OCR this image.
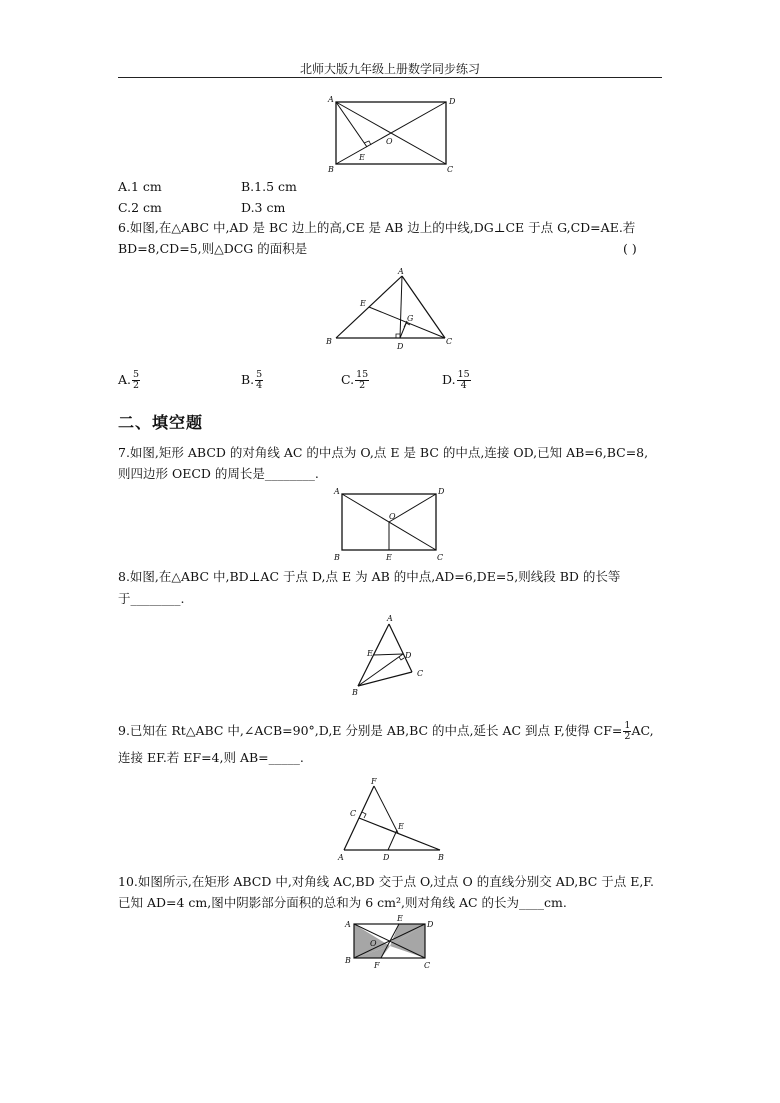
北师大版九年级上册数学同步练习
A	D
B	C
E
O
A.1 cm	B.1.5 cm
C.2 cm	D.3 cm
6.如图,在△ABC 中,AD 是 BC 边上的高,CE 是 AB 边上的中线,DG⊥CE 于点 G,CD=AE.若
BD=8,CD=5,则△DCG 的面积是	( )
A
B	C
D
E
G
A. $\frac{5}{2}$	B. $\frac{5}{4}$	C. $\frac{15}{2}$	D. $\frac{15}{4}$
二、填空题
7.如图,矩形 ABCD 的对角线 AC 的中点为 O,点 E 是 BC 的中点,连接 OD,已知 AB=6,BC=8,
则四边形 OECD 的周长是________.
A	D
B	C
E
O
8.如图,在△ABC 中,BD⊥AC 于点 D,点 E 为 AB 的中点,AD=6,DE=5,则线段 BD 的长等
于________.
A
E	D
C
B
9.已知在 Rt△ABC 中,∠ACB=90°,D,E 分别是 AB,BC 的中点,延长 AC 到点 F,使得 $CF= \frac{1}{2}$ AC,
连接 EF.若 EF=4,则 AB=_____.
F
C
E
A	D	B
10.如图所示,在矩形 ABCD 中,对角线 AC,BD 交于点 O,过点 O 的直线分别交 AD,BC 于点 E,F.
已知 AD=4 cm,图中阴影部分面积的总和为 6 cm²,则对角线 AC 的长为____cm.
A
E
D
O
B
F	C
